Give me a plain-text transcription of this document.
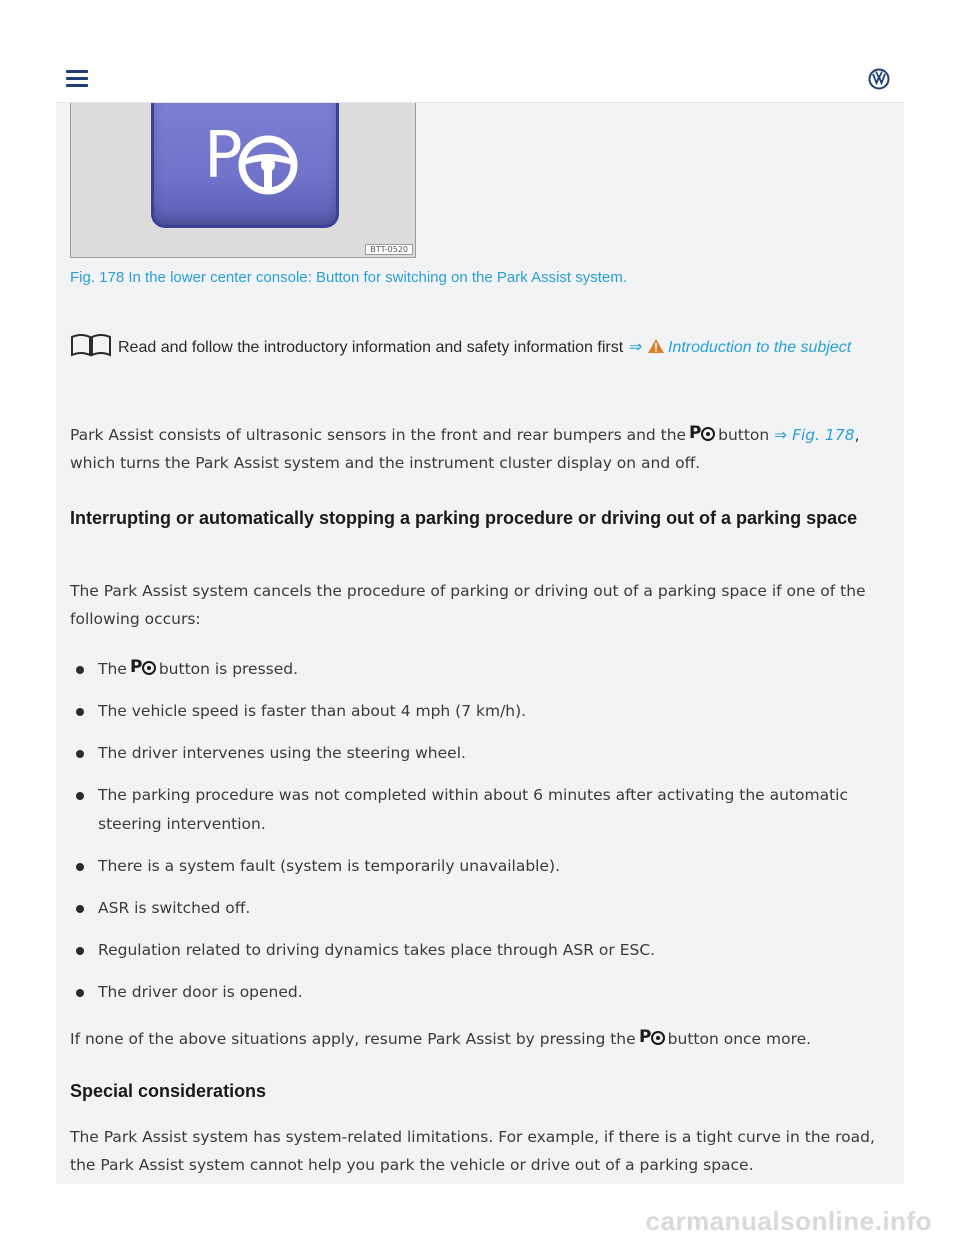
P
BTT-0520
Fig. 178 In the lower center console: Button for switching on the Park Assist system.
Read and follow the introductory information and safety information first ⇒ Introduction to the subject
Park Assist consists of ultrasonic sensors in the front and rear bumpers and the P button ⇒ Fig. 178, which turns the Park Assist system and the instrument cluster display on and off.
Interrupting or automatically stopping a parking procedure or driving out of a parking space
The Park Assist system cancels the procedure of parking or driving out of a parking space if one of the following occurs:
The P button is pressed.
The vehicle speed is faster than about 4 mph (7 km/h).
The driver intervenes using the steering wheel.
The parking procedure was not completed within about 6 minutes after activating the automatic steering intervention.
There is a system fault (system is temporarily unavailable).
ASR is switched off.
Regulation related to driving dynamics takes place through ASR or ESC.
The driver door is opened.
If none of the above situations apply, resume Park Assist by pressing the P button once more.
Special considerations
The Park Assist system has system-related limitations. For example, if there is a tight curve in the road, the Park Assist system cannot help you park the vehicle or drive out of a parking space.
carmanualsonline.info
